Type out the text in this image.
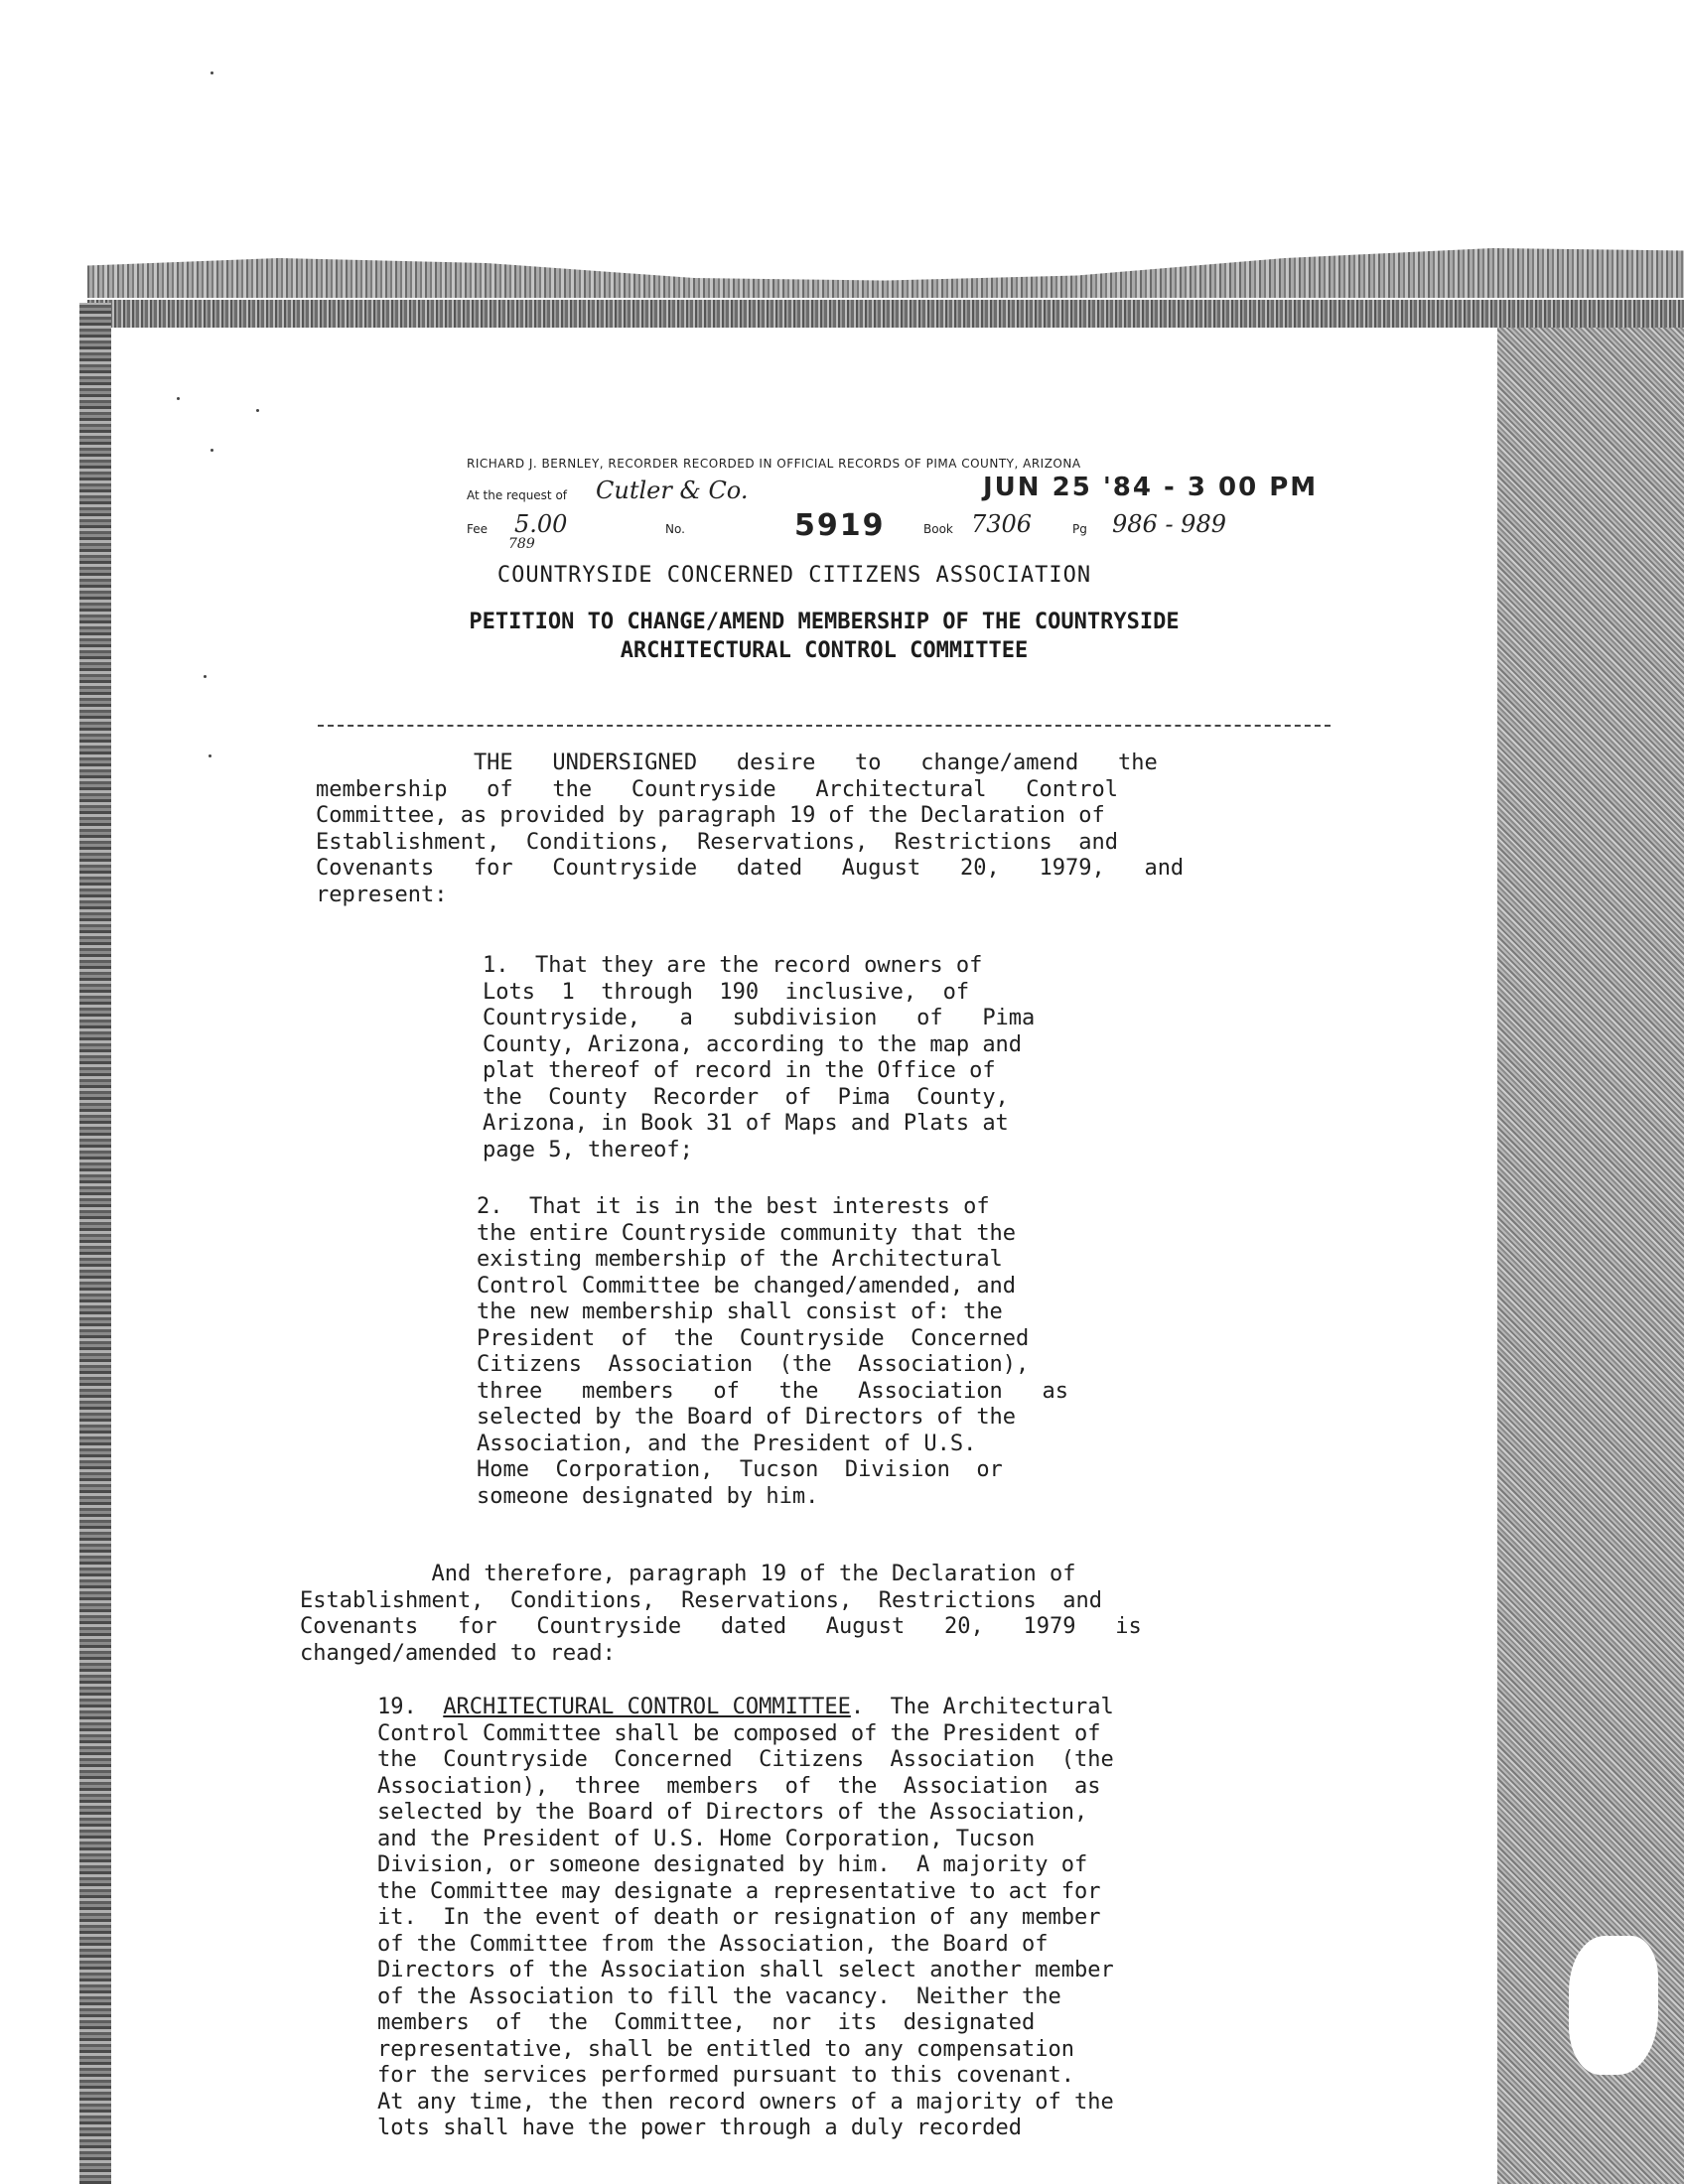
RICHARD J. BERNLEY, RECORDER RECORDED IN OFFICIAL RECORDS OF PIMA COUNTY, ARIZONA
At the request of Cutler & Co.	JUN 25 '84 - 3 00 PM
Fee 5.00	No.	5919	Book 7306	Pg 986 - 989
789
COUNTRYSIDE CONCERNED CITIZENS ASSOCIATION
PETITION TO CHANGE/AMEND MEMBERSHIP OF THE COUNTRYSIDE
ARCHITECTURAL CONTROL COMMITTEE
THE   UNDERSIGNED   desire   to   change/amend   the
membership   of   the   Countryside   Architectural   Control
Committee, as provided by paragraph 19 of the Declaration of
Establishment,  Conditions,  Reservations,  Restrictions  and
Covenants   for   Countryside   dated   August   20,   1979,   and
represent:
1.  That they are the record owners of
Lots  1  through  190  inclusive,  of
Countryside,   a   subdivision   of   Pima
County, Arizona, according to the map and
plat thereof of record in the Office of
the  County  Recorder  of  Pima  County,
Arizona, in Book 31 of Maps and Plats at
page 5, thereof;
2.  That it is in the best interests of
the entire Countryside community that the
existing membership of the Architectural
Control Committee be changed/amended, and
the new membership shall consist of: the
President  of  the  Countryside  Concerned
Citizens  Association  (the  Association),
three   members   of   the   Association   as
selected by the Board of Directors of the
Association, and the President of U.S.
Home  Corporation,  Tucson  Division  or
someone designated by him.
And therefore, paragraph 19 of the Declaration of
Establishment,  Conditions,  Reservations,  Restrictions  and
Covenants   for   Countryside   dated   August   20,   1979   is
changed/amended to read:
19.  ARCHITECTURAL CONTROL COMMITTEE.  The Architectural
Control Committee shall be composed of the President of
the  Countryside  Concerned  Citizens  Association  (the
Association),  three  members  of  the  Association  as
selected by the Board of Directors of the Association,
and the President of U.S. Home Corporation, Tucson
Division, or someone designated by him.  A majority of
the Committee may designate a representative to act for
it.  In the event of death or resignation of any member
of the Committee from the Association, the Board of
Directors of the Association shall select another member
of the Association to fill the vacancy.  Neither the
members  of  the  Committee,  nor  its  designated
representative, shall be entitled to any compensation
for the services performed pursuant to this covenant.
At any time, the then record owners of a majority of the
lots shall have the power through a duly recorded
